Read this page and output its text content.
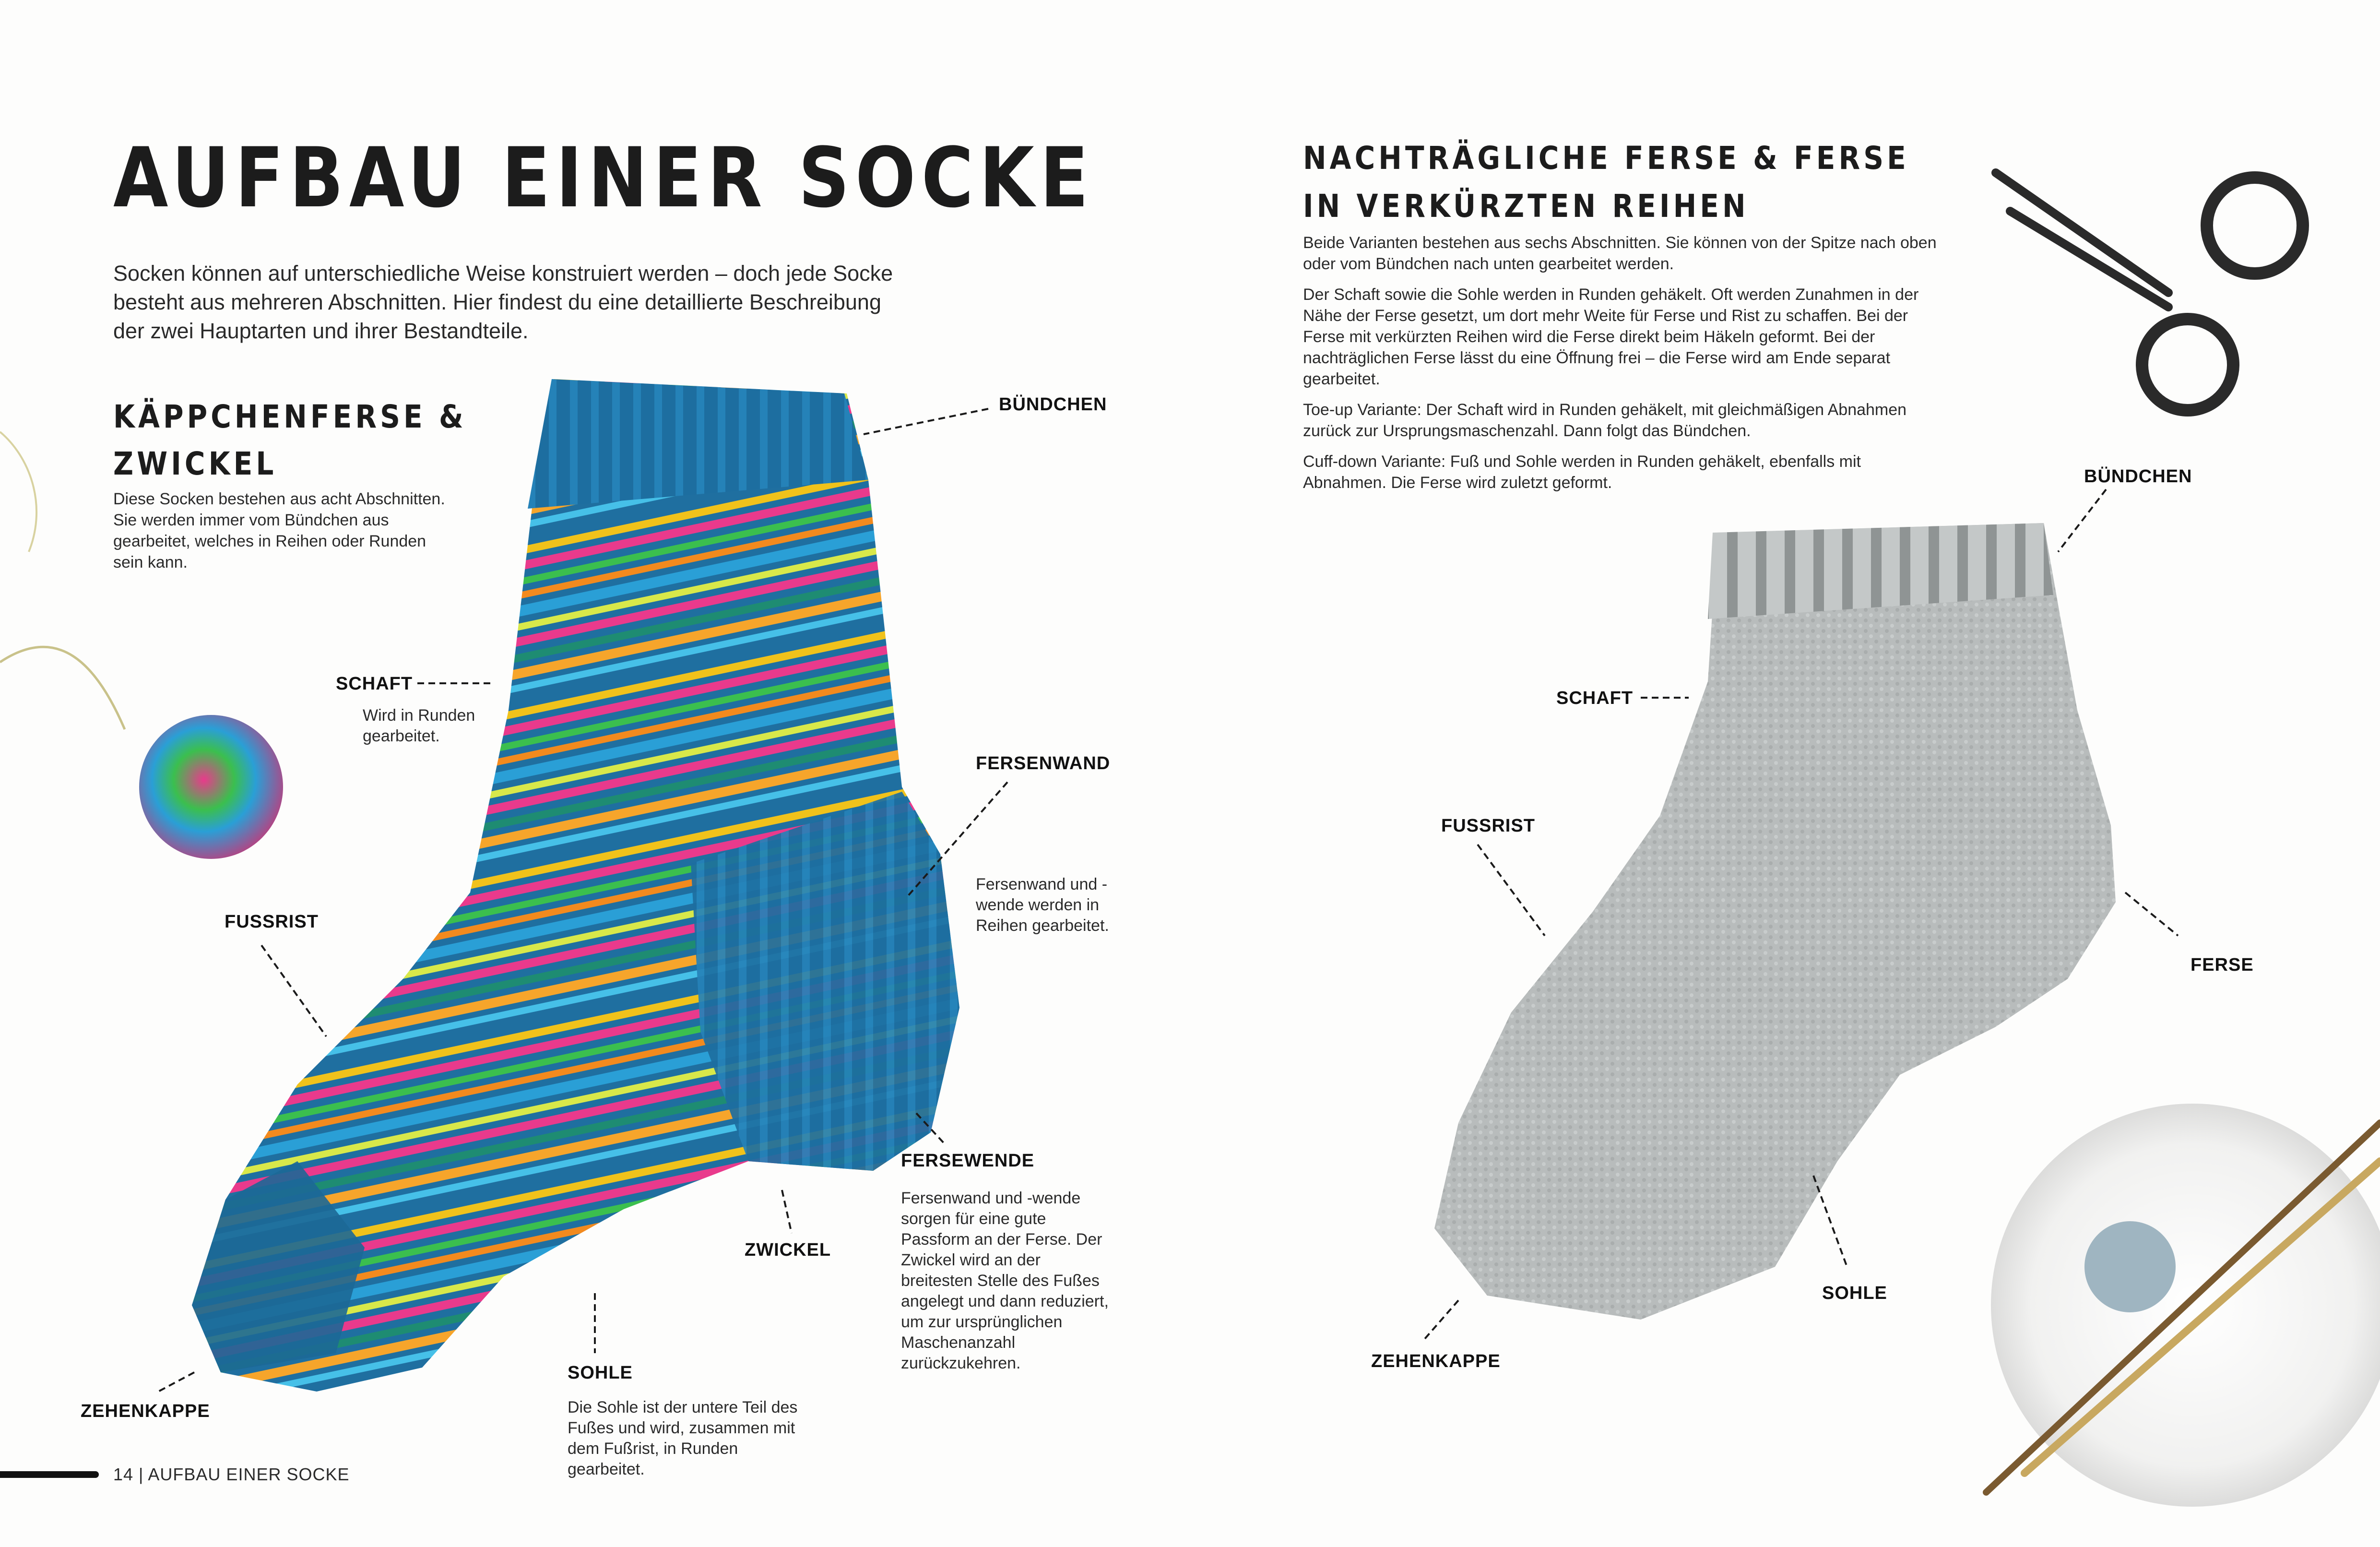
AUFBAU EINER SOCKE
Socken können auf unterschiedliche Weise konstruiert werden – doch jede Socke besteht aus mehreren Abschnitten. Hier findest du eine detaillierte Beschreibung der zwei Hauptarten und ihrer Bestandteile.
KÄPPCHENFERSE &
ZWICKEL
Diese Socken bestehen aus acht Abschnitten. Sie werden immer vom Bündchen aus gearbeitet, welches in Reihen oder Runden sein kann.
BÜNDCHEN
SCHAFT
Wird in Runden gearbeitet.
FERSENWAND
Fersenwand und -wende werden in Reihen gearbeitet.
FUSSRIST
FERSEWENDE
Fersenwand und -wende sorgen für eine gute Passform an der Ferse. Der Zwickel wird an der breitesten Stelle des Fußes angelegt und dann reduziert, um zur ursprünglichen Maschenanzahl zurückzukehren.
ZWICKEL
SOHLE
Die Sohle ist der untere Teil des Fußes und wird, zusammen mit dem Fußrist, in Runden gearbeitet.
ZEHENKAPPE
14 | AUFBAU EINER SOCKE
NACHTRÄGLICHE FERSE & FERSE
IN VERKÜRZTEN REIHEN

Beide Varianten bestehen aus sechs Abschnitten. Sie können von der Spitze nach oben oder vom Bündchen nach unten gearbeitet werden.

Der Schaft sowie die Sohle werden in Runden gehäkelt. Oft werden Zunahmen in der Nähe der Ferse gesetzt, um dort mehr Weite für Ferse und Rist zu schaffen. Bei der Ferse mit verkürzten Reihen wird die Ferse direkt beim Häkeln geformt. Bei der nachträglichen Ferse lässt du eine Öffnung frei – die Ferse wird am Ende separat gearbeitet.

Toe-up Variante: Der Schaft wird in Runden gehäkelt, mit gleichmäßigen Abnahmen zurück zur Ursprungsmaschenzahl. Dann folgt das Bündchen.

Cuff-down Variante: Fuß und Sohle werden in Runden gehäkelt, ebenfalls mit Abnahmen. Die Ferse wird zuletzt geformt.	BÜNDCHEN
SCHAFT
FUSSRIST
FERSE
SOHLE
ZEHENKAPPE
